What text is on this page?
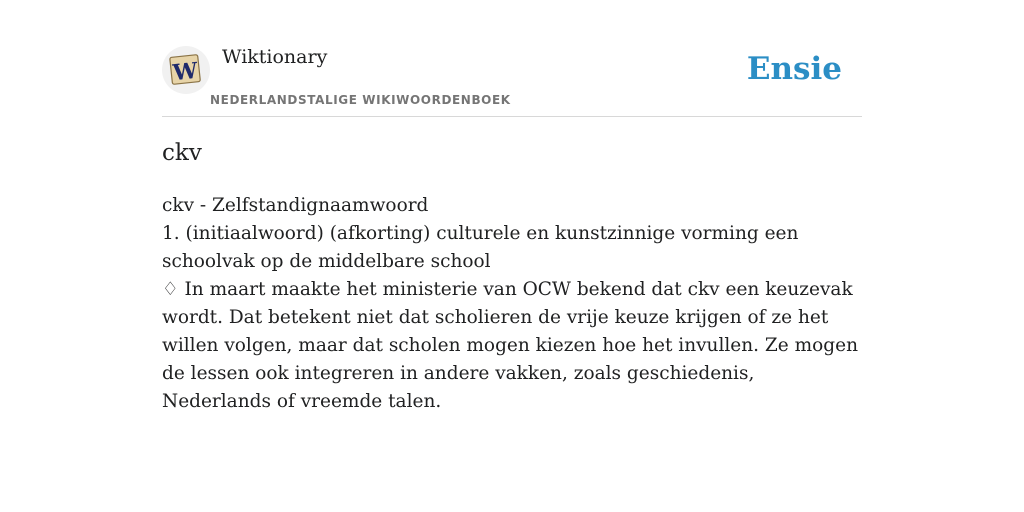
W
Wiktionary
NEDERLANDSTALIGE WIKIWOORDENBOEK
Ensie
ckv

ckv - Zelfstandignaamwoord

1. (initiaalwoord) (afkorting) culturele en kunstzinnige vorming een schoolvak op de middelbare school

♢ In maart maakte het ministerie van OCW bekend dat ckv een keuzevak wordt. Dat betekent niet dat scholieren de vrije keuze krijgen of ze het willen volgen, maar dat scholen mogen kiezen hoe het invullen. Ze mogen de lessen ook integreren in andere vakken, zoals geschiedenis, Nederlands of vreemde talen.
